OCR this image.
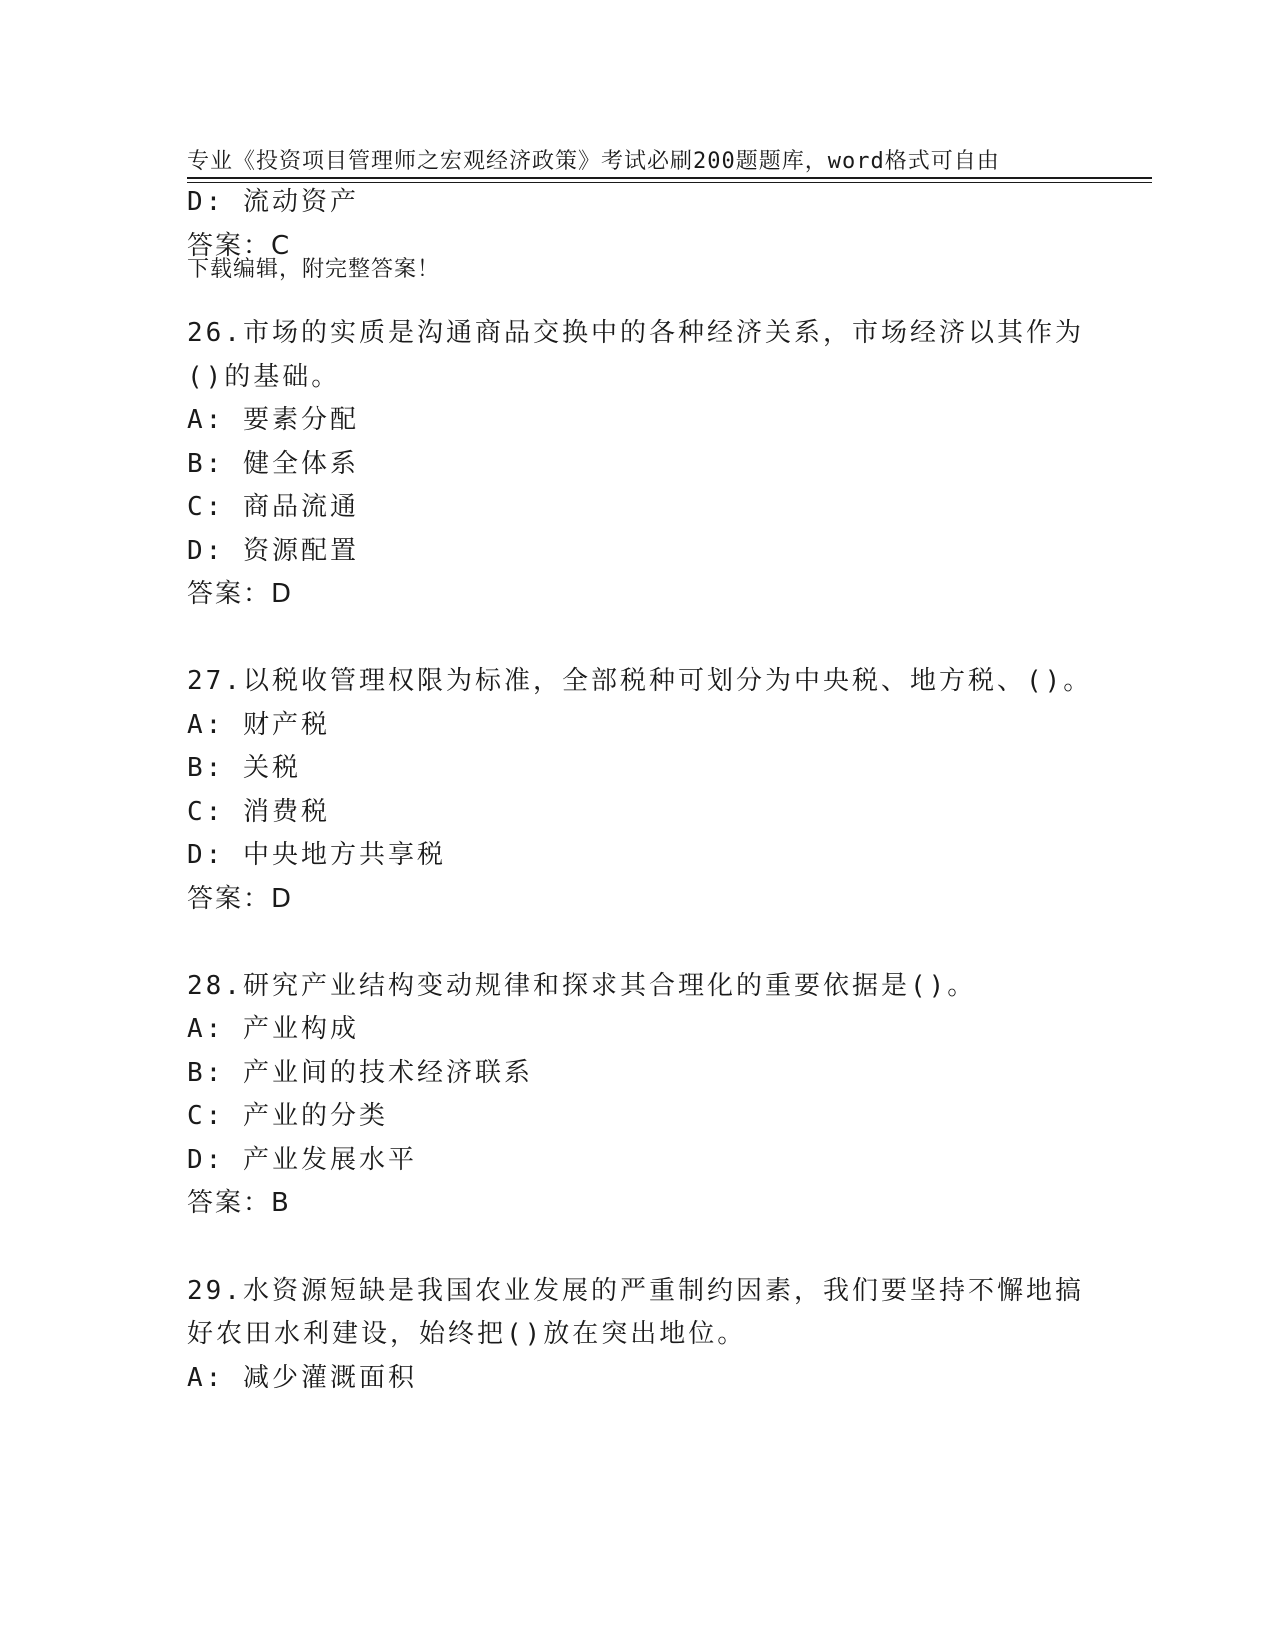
专业《投资项目管理师之宏观经济政策》考试必刷200题题库，word格式可自由

下载编辑，附完整答案！

D: 流动资产
答案：C
26.市场的实质是沟通商品交换中的各种经济关系，市场经济以其作为
()的基础。
A: 要素分配
B: 健全体系
C: 商品流通
D: 资源配置
答案：D
27.以税收管理权限为标准，全部税种可划分为中央税、地方税、()。
A: 财产税
B: 关税
C: 消费税
D: 中央地方共享税
答案：D
28.研究产业结构变动规律和探求其合理化的重要依据是()。
A: 产业构成
B: 产业间的技术经济联系
C: 产业的分类
D: 产业发展水平
答案：B
29.水资源短缺是我国农业发展的严重制约因素，我们要坚持不懈地搞
好农田水利建设，始终把()放在突出地位。
A: 减少灌溉面积
